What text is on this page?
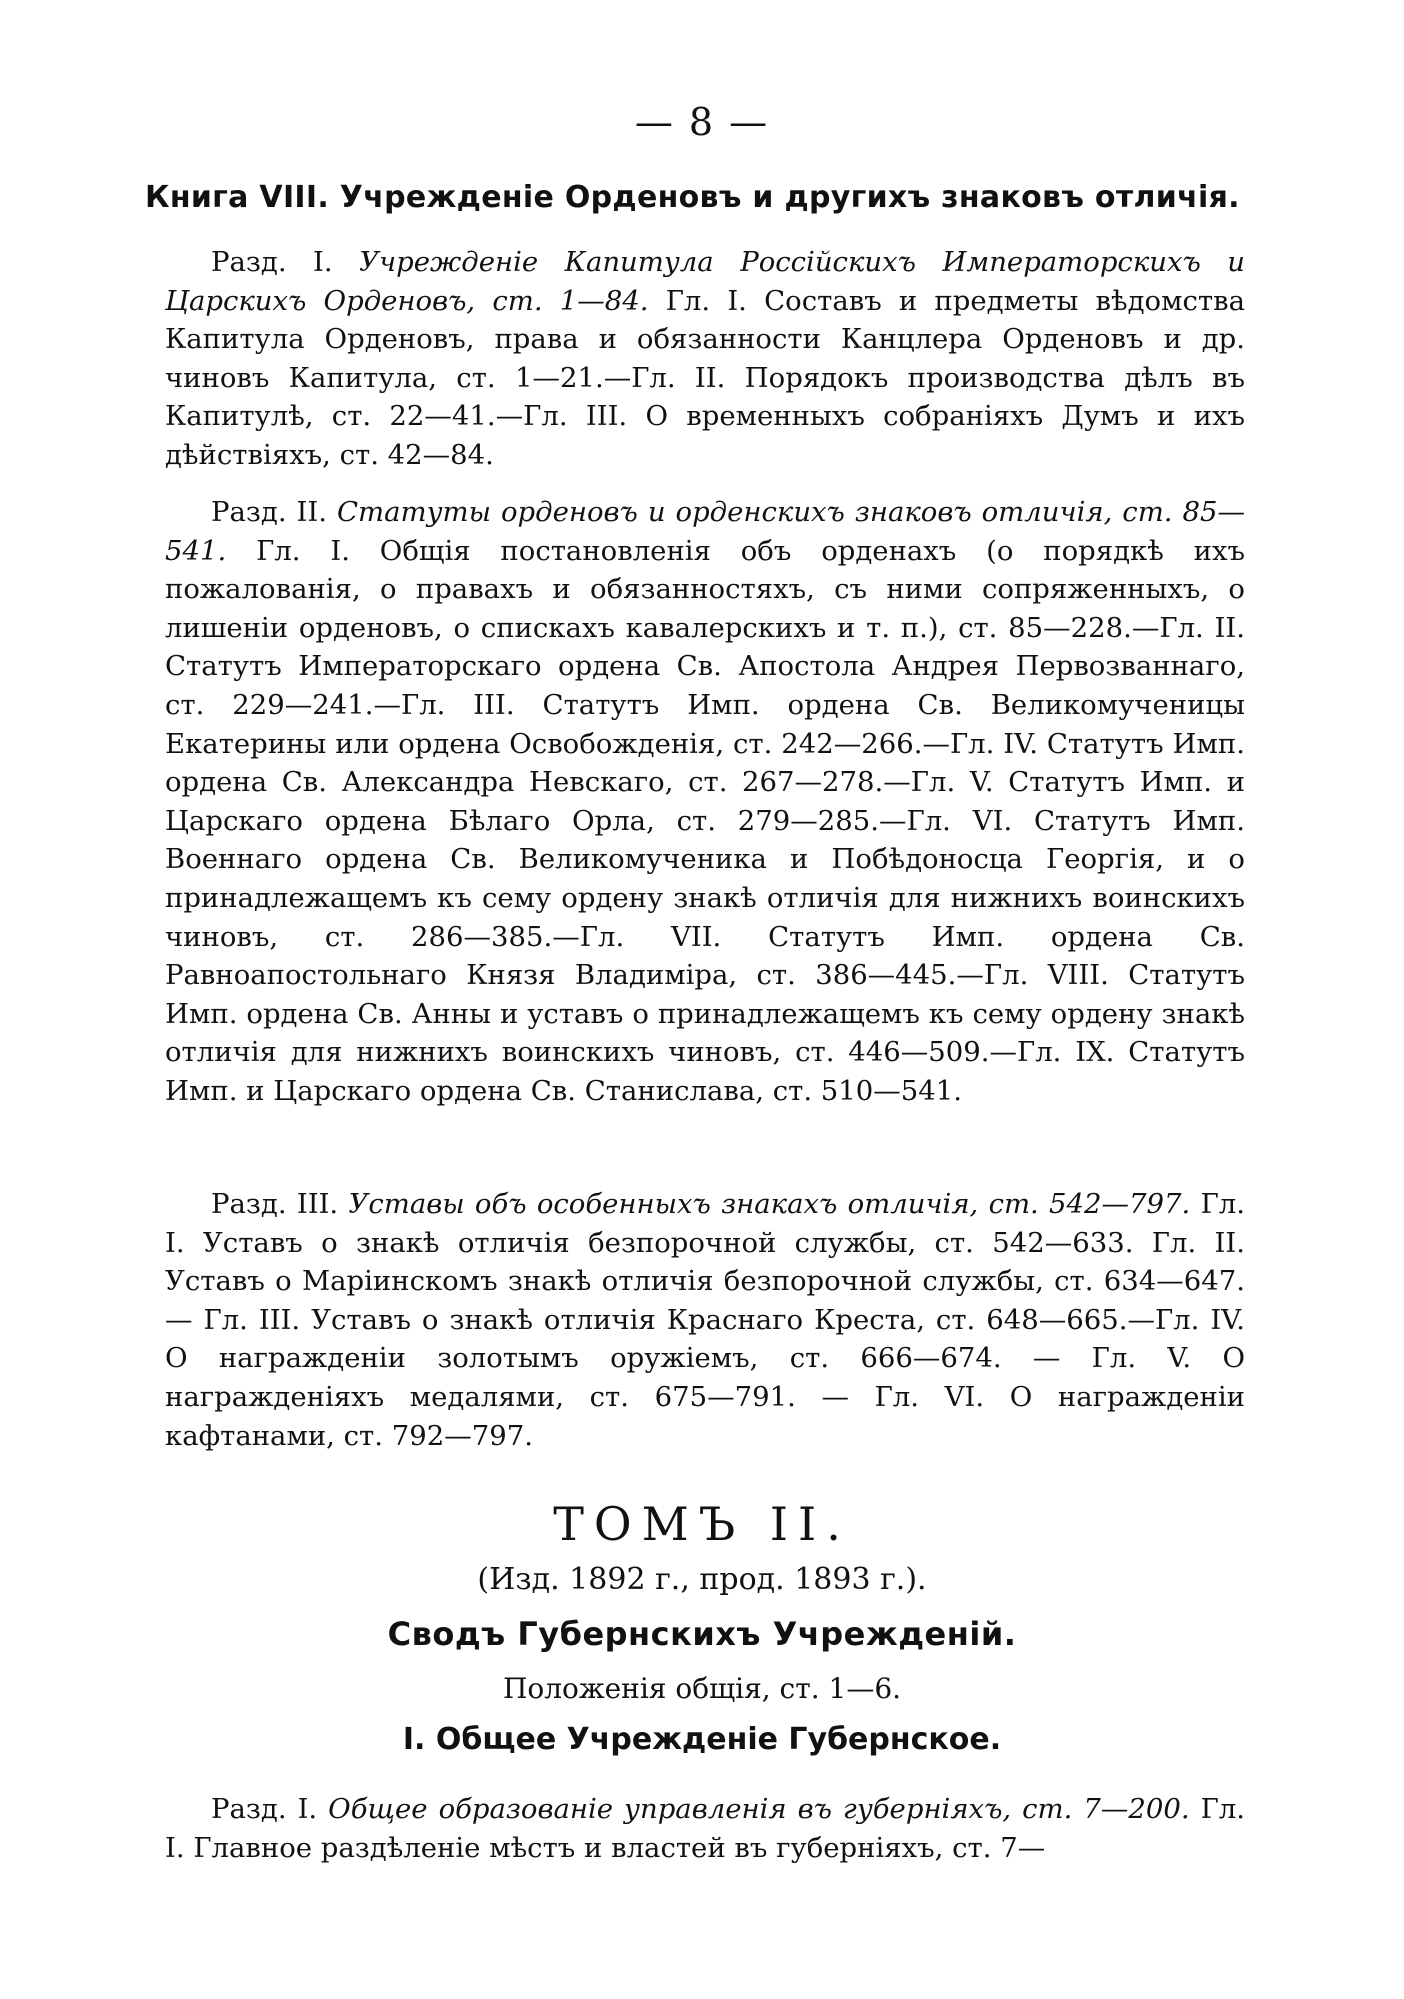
— 8 —
Книга VIII. Учрежденіе Орденовъ и другихъ знаковъ отличія.
Разд. I. Учрежденіе Капитула Россійскихъ Императорскихъ и Царскихъ Орденовъ, ст. 1—84. Гл. I. Составъ и предметы вѣдомства Капитула Орденовъ, права и обязанности Канцлера Орденовъ и др. чиновъ Капитула, ст. 1—21.—Гл. II. Порядокъ производства дѣлъ въ Капитулѣ, ст. 22—41.—Гл. III. О временныхъ собраніяхъ Думъ и ихъ дѣйствіяхъ, ст. 42—84.
Разд. II. Статуты орденовъ и орденскихъ знаковъ отличія, ст. 85—541. Гл. I. Общія постановленія объ орденахъ (о порядкѣ ихъ пожалованія, о правахъ и обязанностяхъ, съ ними сопряженныхъ, о лишеніи орденовъ, о спискахъ кавалерскихъ и т. п.), ст. 85—228.—Гл. II. Статутъ Императорскаго ордена Св. Апостола Андрея Первозваннаго, ст. 229—241.—Гл. III. Статутъ Имп. ордена Св. Великомученицы Екатерины или ордена Освобожденія, ст. 242—266.—Гл. IV. Статутъ Имп. ордена Св. Александра Невскаго, ст. 267—278.—Гл. V. Статутъ Имп. и Царскаго ордена Бѣлаго Орла, ст. 279—285.—Гл. VI. Статутъ Имп. Военнаго ордена Св. Великомученика и Побѣдоносца Георгія, и о принадлежащемъ къ сему ордену знакѣ отличія для нижнихъ воинскихъ чиновъ, ст. 286—385.—Гл. VII. Статутъ Имп. ордена Св. Равноапостольнаго Князя Владиміра, ст. 386—445.—Гл. VIII. Статутъ Имп. ордена Св. Анны и уставъ о принадлежащемъ къ сему ордену знакѣ отличія для нижнихъ воинскихъ чиновъ, ст. 446—509.—Гл. IX. Статутъ Имп. и Царскаго ордена Св. Станислава, ст. 510—541.
Разд. III. Уставы объ особенныхъ знакахъ отличія, ст. 542—797. Гл. I. Уставъ о знакѣ отличія безпорочной службы, ст. 542—633. Гл. II. Уставъ о Маріинскомъ знакѣ отличія безпорочной службы, ст. 634—647. — Гл. III. Уставъ о знакѣ отличія Краснаго Креста, ст. 648—665.—Гл. IV. О награжденіи золотымъ оружіемъ, ст. 666—674. — Гл. V. О награжденіяхъ медалями, ст. 675—791. — Гл. VI. О награжденіи кафтанами, ст. 792—797.
ТОМЪ II.
(Изд. 1892 г., прод. 1893 г.).
Сводъ Губернскихъ Учрежденій.
Положенія общія, ст. 1—6.
I. Общее Учрежденіе Губернское.
Разд. I. Общее образованіе управленія въ губерніяхъ, ст. 7—200. Гл. I. Главное раздѣленіе мѣстъ и властей въ губерніяхъ, ст. 7—
